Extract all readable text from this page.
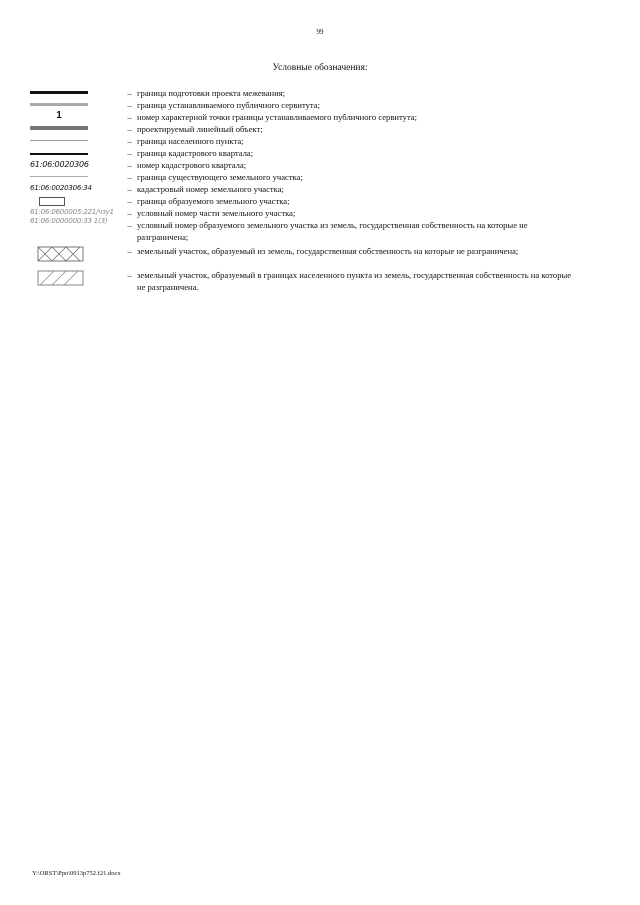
99
Условные обозначения:
– граница подготовки проекта межевания;
– граница устанавливаемого публичного сервитута;
1	– номер характерной точки границы устанавливаемого публичного сервитута;
– проектируемый линейный объект;
– граница населенного пункта;
– граница кадастрового квартала;
61:06:0020306	– номер кадастрового квартала;
– граница существующего земельного участка;
61:06:0020306:34	– кадастровый номер земельного участка;
– граница образуемого земельного участка;
61:06:0600005:221/чзу1	– условный номер части земельного участка;
61:06:0000000:33 1(3)	– условный номер образуемого земельного участка из земель, государственная собственность на которые не разграничена;
– земельный участок, образуемый из земель, государственная собственность на которые не разграничена;
– земельный участок, образуемый в границах населенного пункта из земель, государственная собственность на которые не разграничена.
Y:\ORST\Ppo\0913p752.f21.docx
